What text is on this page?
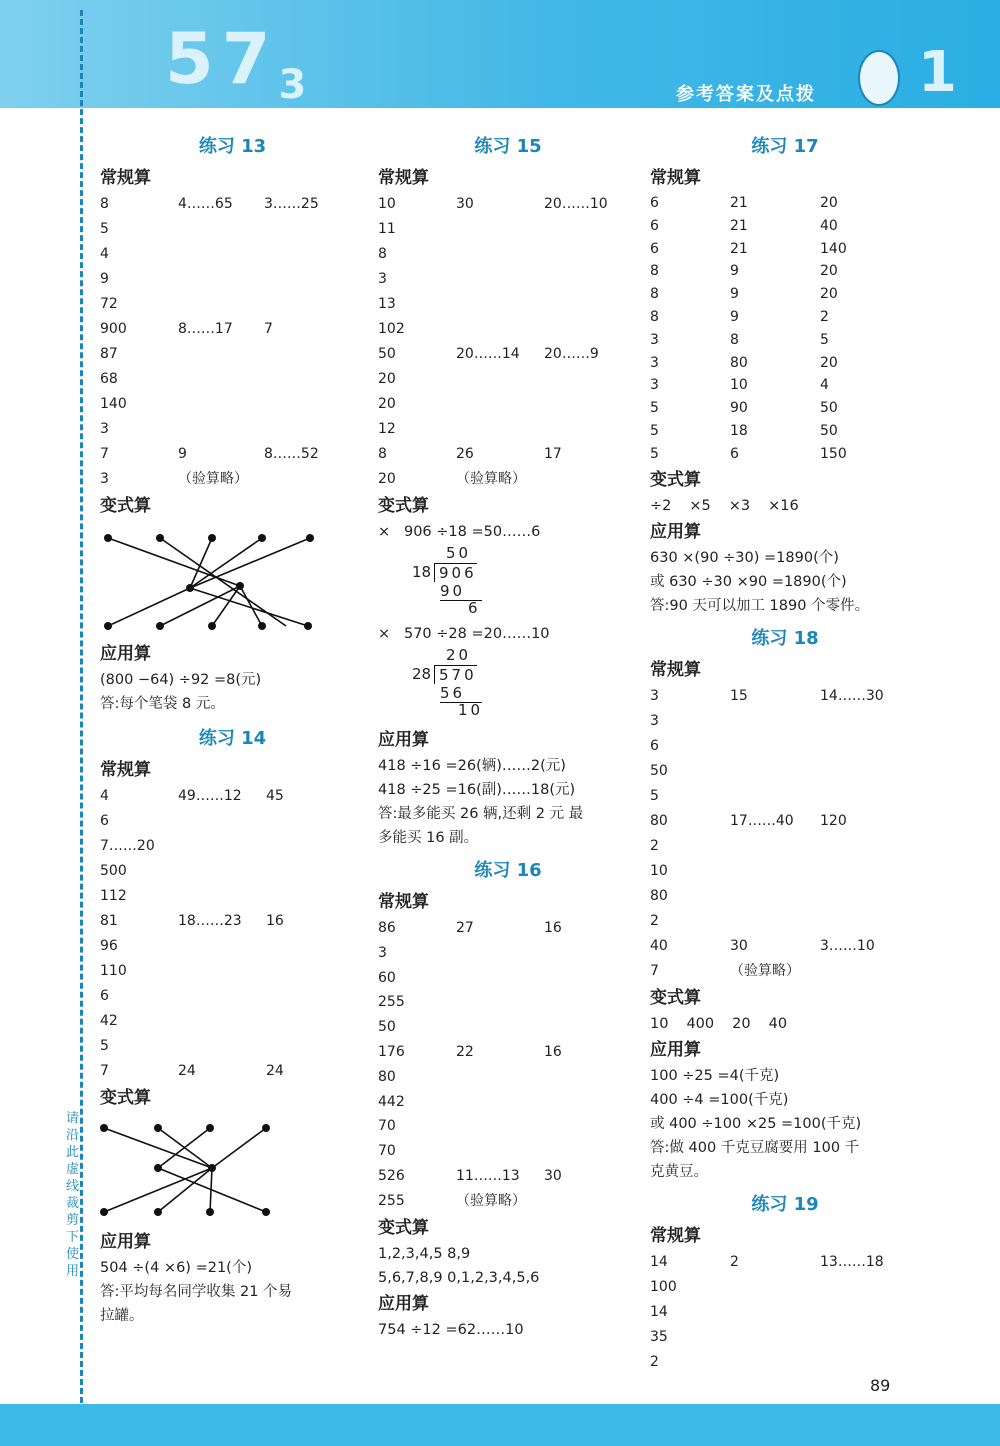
$57_3$	参考答案及点拨 1
请沿此虚线裁剪下使用
练习 13
常规算
8	4……65	3……25
5
4
9
72
900	8……17	7
87
68
140
3
7	9	8……52
3	（验算略）
变式算
应用算
(800 −64) ÷92 =8(元)
答:每个笔袋 8 元。
练习 14
常规算
4	49……12	45
6
7……20
500
112
81	18……23	16
96
110
6
42
5
7	24	24
变式算
应用算
504 ÷(4 ×6) =21(个)
答:平均每名同学收集 21 个易
拉罐。
练习 15
常规算
10	30	20……10
11
8
3
13
102
50	20……14	20……9
20
20
12
8	26	17
20	（验算略）
变式算
× 906 ÷18 =50……6
50
18 906
90
6
× 570 ÷28 =20……10
20
28 570
56
10
应用算
418 ÷16 =26(辆)……2(元)
418 ÷25 =16(副)……18(元)
答:最多能买 26 辆,还剩 2 元 最
多能买 16 副。
练习 16
常规算
86	27	16
3
60
255
50
176	22	16
80
442
70
70
526	11……13	30
255	（验算略）
变式算
1,2,3,4,5 8,9
5,6,7,8,9 0,1,2,3,4,5,6
应用算
754 ÷12 =62……10
练习 17
常规算
6	21	20
6	21	40
6	21	140
8	9	20
8	9	20
8	9	2
3	8	5
3	80	20
3	10	4
5	90	50
5	18	50
5	6	150
变式算
÷2 ×5 ×3 ×16
应用算
630 ×(90 ÷30) =1890(个)
或 630 ÷30 ×90 =1890(个)
答:90 天可以加工 1890 个零件。
练习 18
常规算
3	15	14……30
3
6
50
5
80	17……40	120
2
10
80
2
40	30	3……10
7	（验算略）
变式算
10 400 20 40
应用算
100 ÷25 =4(千克)
400 ÷4 =100(千克)
或 400 ÷100 ×25 =100(千克)
答:做 400 千克豆腐要用 100 千
克黄豆。
练习 19
常规算
14	2	13……18
100
14
35
2
89
